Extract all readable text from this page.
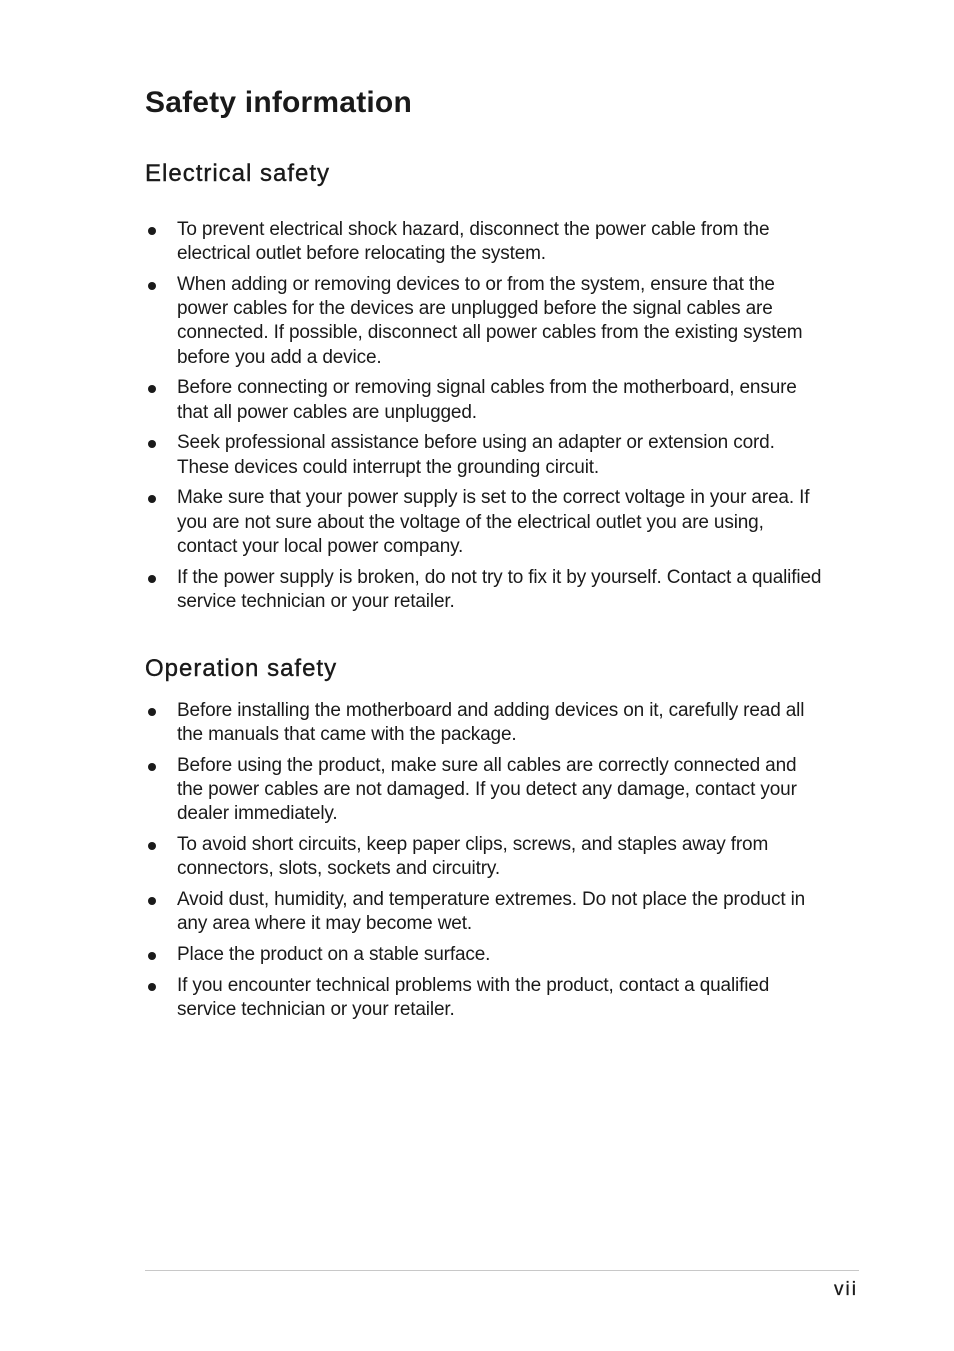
Safety information
Electrical safety
To prevent electrical shock hazard, disconnect the power cable from the electrical outlet before relocating the system.
When adding or removing devices to or from the system, ensure that the power cables for the devices are unplugged before the signal cables are connected. If possible, disconnect all power cables from the existing system before you add a device.
Before connecting or removing signal cables from the motherboard, ensure that all power cables are unplugged.
Seek professional assistance before using an adapter or extension cord. These devices could interrupt the grounding circuit.
Make sure that your power supply is set to the correct voltage in your area. If you are not sure about the voltage of the electrical outlet you are using, contact your local power company.
If the power supply is broken, do not try to fix it by yourself. Contact a qualified service technician or your retailer.
Operation safety
Before installing the motherboard and adding devices on it, carefully read all the manuals that came with the package.
Before using the product, make sure all cables are correctly connected and the power cables are not damaged. If you detect any damage, contact your dealer immediately.
To avoid short circuits, keep paper clips, screws, and staples away from connectors, slots, sockets and circuitry.
Avoid dust, humidity, and temperature extremes. Do not place the product in any area where it may become wet.
Place the product on a stable surface.
If you encounter technical problems with the product, contact a qualified service technician or your retailer.
vii
